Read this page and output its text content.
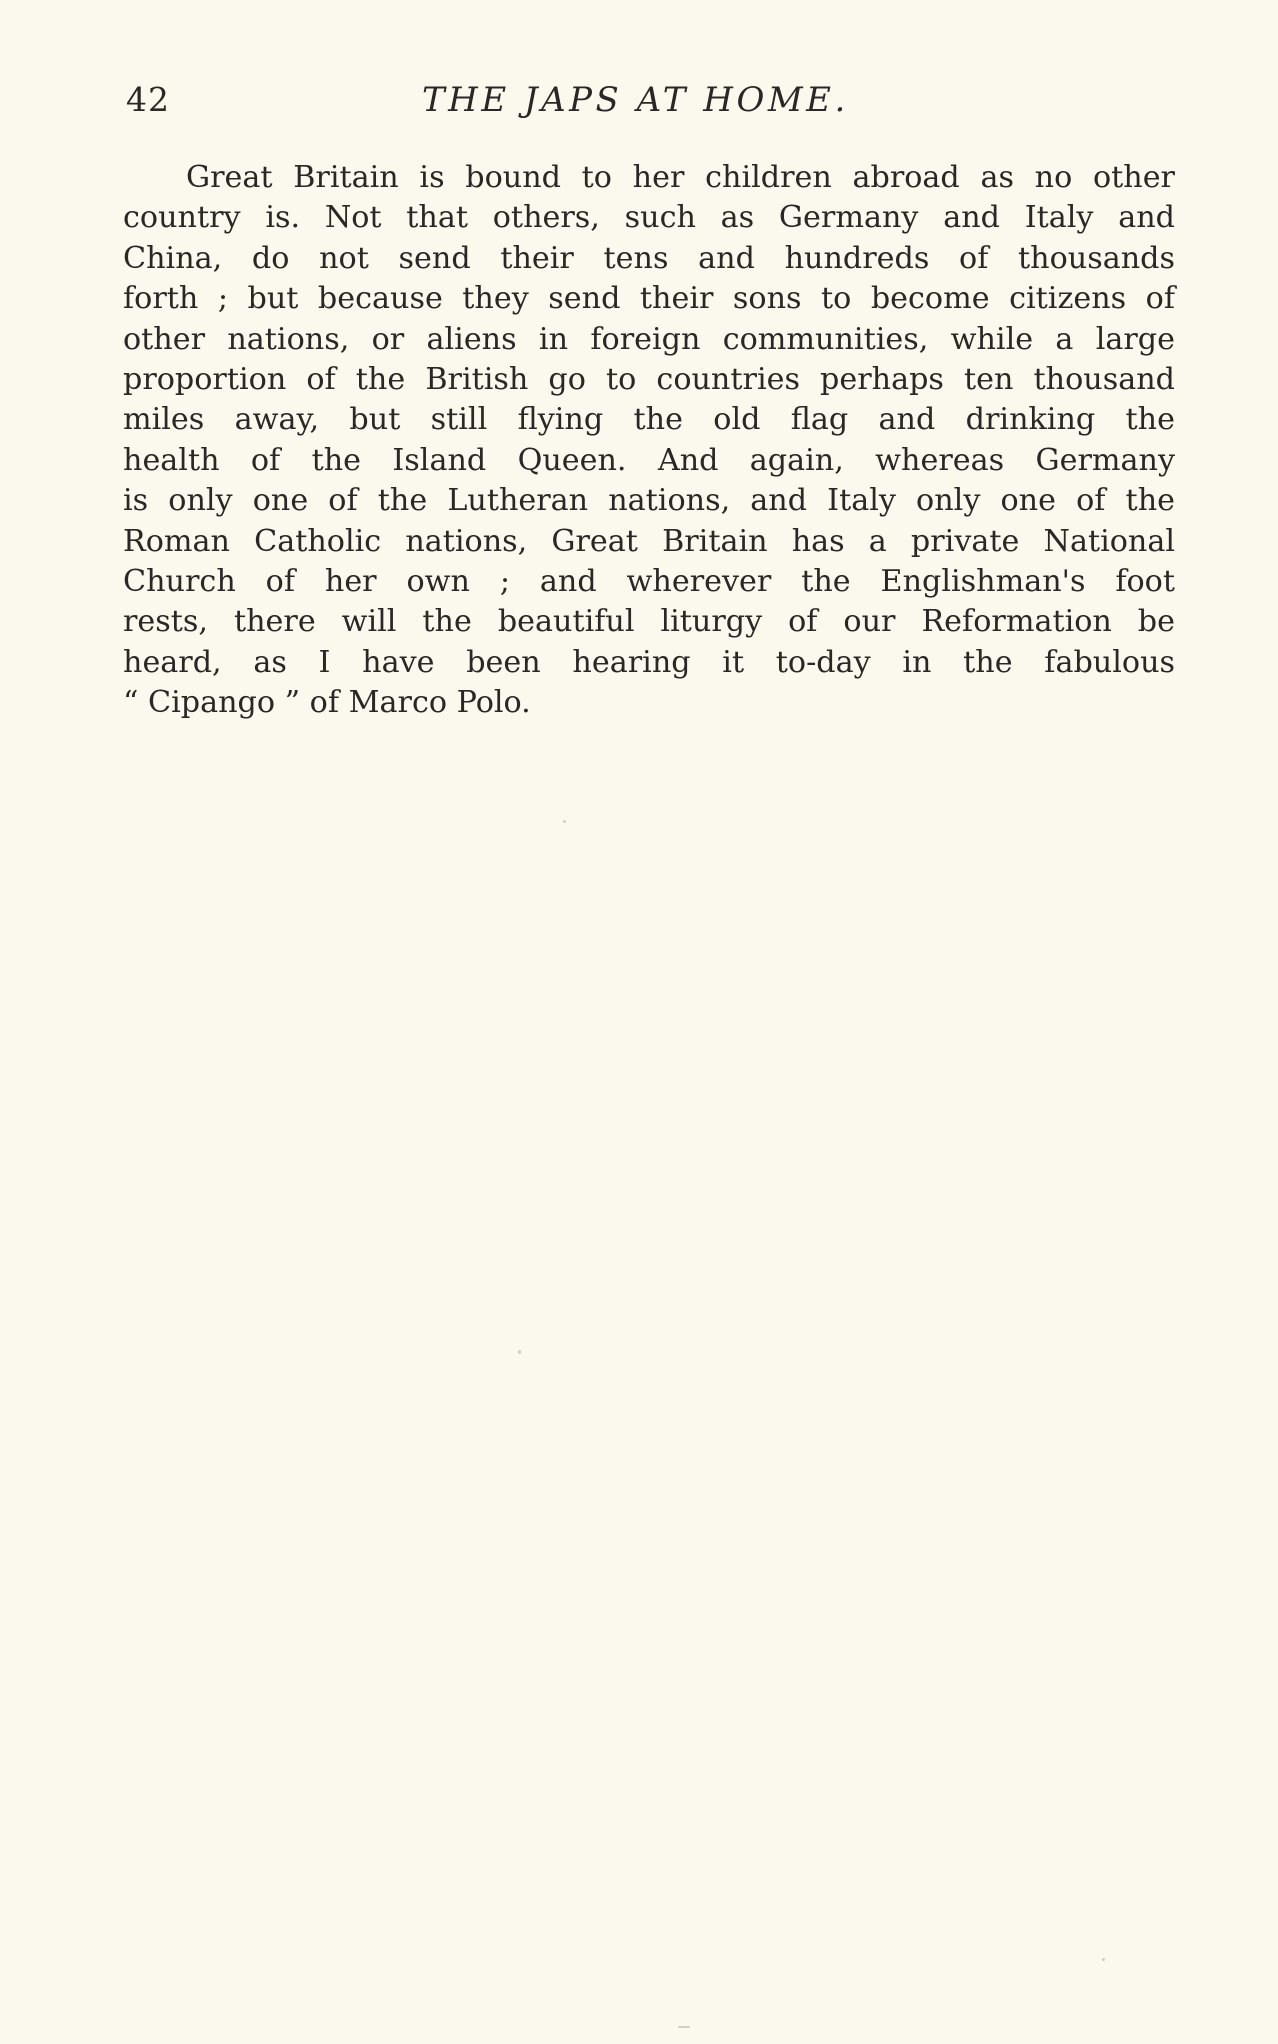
42	THE JAPS AT HOME.
Great Britain is bound to her children abroad as no other
country is. Not that others, such as Germany and Italy and
China, do not send their tens and hundreds of thousands
forth ; but because they send their sons to become citizens of
other nations, or aliens in foreign communities, while a large
proportion of the British go to countries perhaps ten thousand
miles away, but still flying the old flag and drinking the
health of the Island Queen. And again, whereas Germany
is only one of the Lutheran nations, and Italy only one of the
Roman Catholic nations, Great Britain has a private National
Church of her own ; and wherever the Englishman's foot
rests, there will the beautiful liturgy of our Reformation be
heard, as I have been hearing it to-day in the fabulous
“ Cipango ” of Marco Polo.
